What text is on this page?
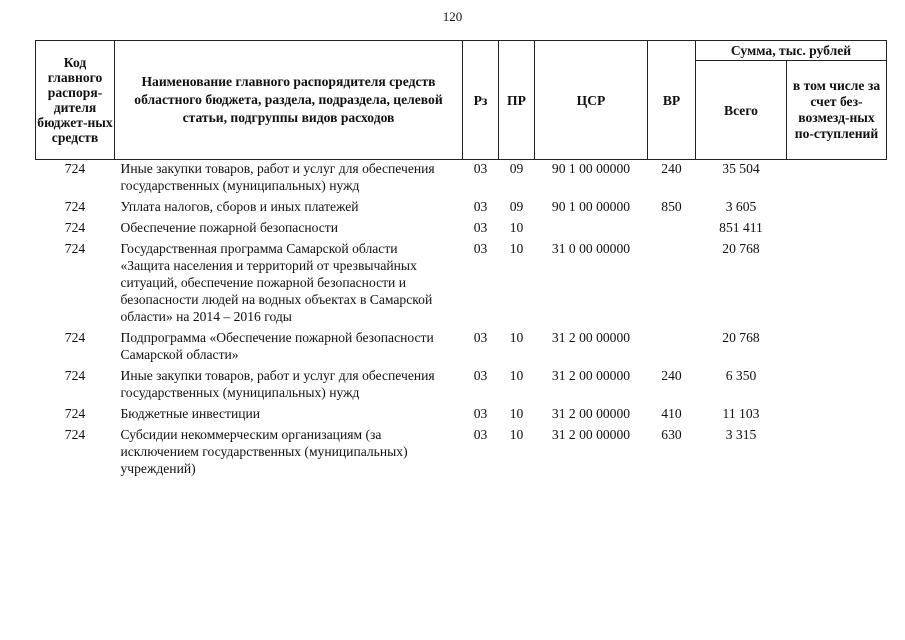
120
Код главного распоря-дителя бюджет-ных средств	Наименование главного распорядителя средств областного бюджета, раздела, подраздела, целевой статьи, подгруппы видов расходов	Рз	ПР	ЦСР	ВР	Сумма, тыс. рублей	
						Всего	в том числе за счет без-возмезд-ных по-ступлений
724	Иные закупки товаров, работ и услуг для обеспечения государственных (муниципальных) нужд	03	09	90 1 00 00000	240	35 504	
724	Уплата налогов, сборов и иных платежей	03	09	90 1 00 00000	850	3 605	
724	Обеспечение пожарной безопасности	03	10			851 411	
724	Государственная программа Самарской области «Защита населения и территорий от чрезвычайных ситуаций, обеспечение пожарной безопасности и безопасности людей на водных объектах в Самарской области» на 2014 – 2016 годы	03	10	31 0 00 00000		20 768	
724	Подпрограмма «Обеспечение пожарной безопасности Самарской области»	03	10	31 2 00 00000		20 768	
724	Иные закупки товаров, работ и услуг для обеспечения государственных (муниципальных) нужд	03	10	31 2 00 00000	240	6 350	
724	Бюджетные инвестиции	03	10	31 2 00 00000	410	11 103	
724	Субсидии некоммерческим организациям (за исключением государственных (муниципальных) учреждений)	03	10	31 2 00 00000	630	3 315	
